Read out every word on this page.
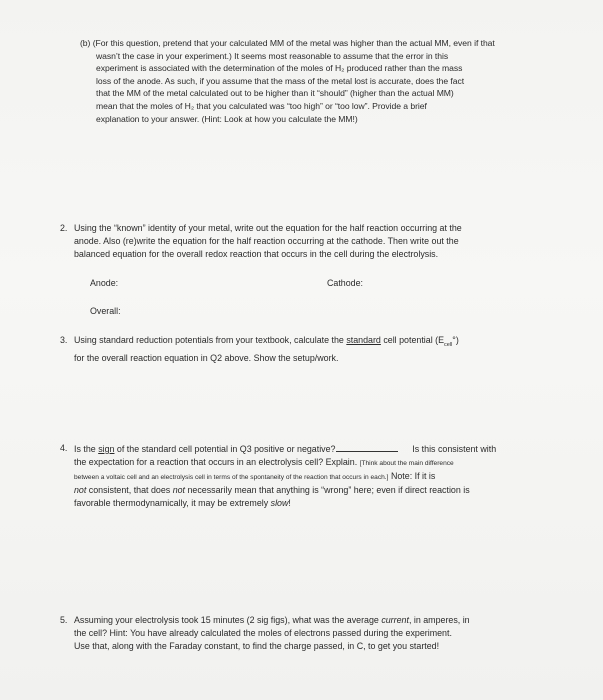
(b) (For this question, pretend that your calculated MM of the metal was higher than the actual MM, even if that
wasn’t the case in your experiment.) It seems most reasonable to assume that the error in this
experiment is associated with the determination of the moles of H₂ produced rather than the mass
loss of the anode. As such, if you assume that the mass of the metal lost is accurate, does the fact
that the MM of the metal calculated out to be higher than it “should” (higher than the actual MM)
mean that the moles of H₂ that you calculated was “too high” or “too low”. Provide a brief
explanation to your answer. (Hint: Look at how you calculate the MM!)
2. Using the “known” identity of your metal, write out the equation for the half reaction occurring at the
anode. Also (re)write the equation for the half reaction occurring at the cathode. Then write out the
balanced equation for the overall redox reaction that occurs in the cell during the electrolysis.
Anode:	Cathode:
Overall:
3. Using standard reduction potentials from your textbook, calculate the standard cell potential $(E_{cell}^\circ)$
for the overall reaction equation in Q2 above. Show the setup/work.
4. Is the sign of the standard cell potential in Q3 positive or negative?	Is this consistent with
the expectation for a reaction that occurs in an electrolysis cell? Explain. [Think about the main difference
between a voltaic cell and an electrolysis cell in terms of the spontaneity of the reaction that occurs in each.] Note: If it is
not consistent, that does not necessarily mean that anything is “wrong” here; even if direct reaction is
favorable thermodynamically, it may be extremely slow!
5. Assuming your electrolysis took 15 minutes (2 sig figs), what was the average current, in amperes, in
the cell? Hint: You have already calculated the moles of electrons passed during the experiment.
Use that, along with the Faraday constant, to find the charge passed, in C, to get you started!
